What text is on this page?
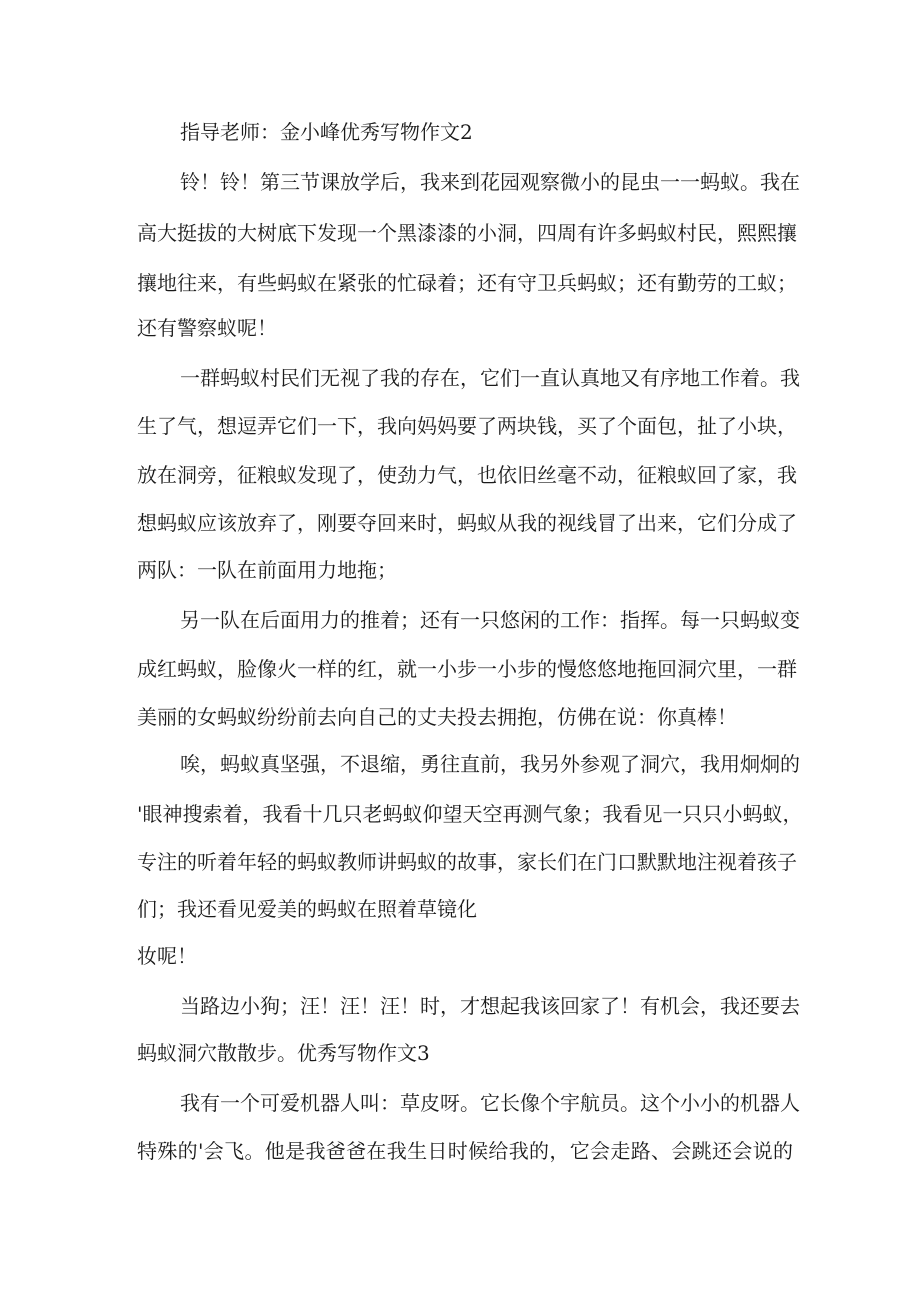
指导老师：金小峰优秀写物作文2

铃！铃！第三节课放学后，我来到花园观察微小的昆虫一一蚂蚁。我在

高大挺拔的大树底下发现一个黑漆漆的小洞，四周有许多蚂蚁村民，熙熙攘

攘地往来，有些蚂蚁在紧张的忙碌着；还有守卫兵蚂蚁；还有勤劳的工蚁；

还有警察蚁呢！

一群蚂蚁村民们无视了我的存在，它们一直认真地又有序地工作着。我

生了气，想逗弄它们一下，我向妈妈要了两块钱，买了个面包，扯了小块，

放在洞旁，征粮蚁发现了，使劲力气，也依旧丝毫不动，征粮蚁回了家，我

想蚂蚁应该放弃了，刚要夺回来时，蚂蚁从我的视线冒了出来，它们分成了

两队：一队在前面用力地拖；

另一队在后面用力的推着；还有一只悠闲的工作：指挥。每一只蚂蚁变

成红蚂蚁，脸像火一样的红，就一小步一小步的慢悠悠地拖回洞穴里，一群

美丽的女蚂蚁纷纷前去向自己的丈夫投去拥抱，仿佛在说：你真棒！

唉，蚂蚁真坚强，不退缩，勇往直前，我另外参观了洞穴，我用炯炯的

'眼神搜索着，我看十几只老蚂蚁仰望天空再测气象；我看见一只只小蚂蚁，

专注的听着年轻的蚂蚁教师讲蚂蚁的故事，家长们在门口默默地注视着孩子

们；我还看见爱美的蚂蚁在照着草镜化

妆呢！

当路边小狗；汪！汪！汪！时，才想起我该回家了！有机会，我还要去

蚂蚁洞穴散散步。优秀写物作文3

我有一个可爱机器人叫：草皮呀。它长像个宇航员。这个小小的机器人

特殊的'会飞。他是我爸爸在我生日时候给我的，它会走路、会跳还会说的
